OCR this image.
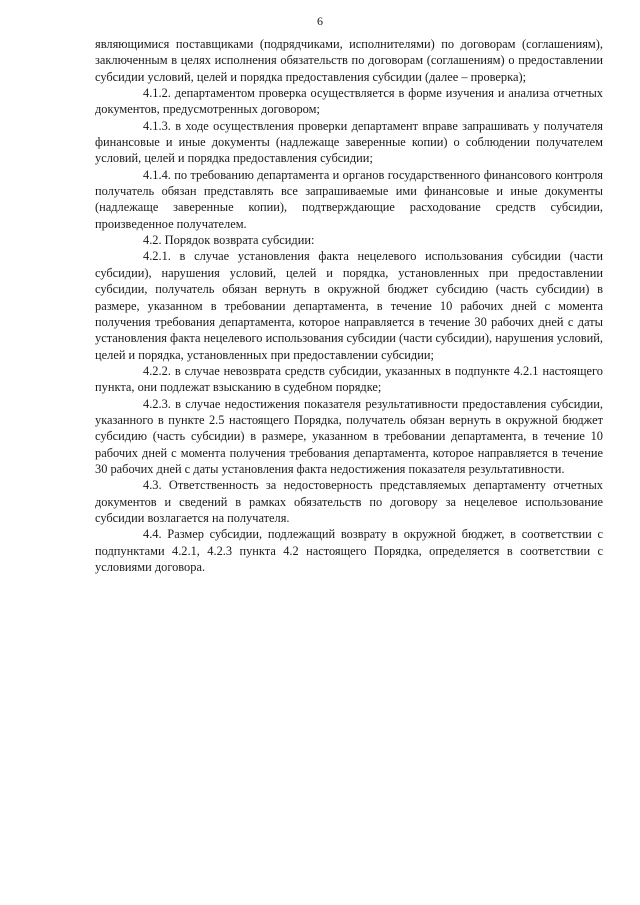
6

являющимися поставщиками (подрядчиками, исполнителями) по договорам (соглашениям), заключенным в целях исполнения обязательств по договорам (соглашениям) о предоставлении субсидии условий, целей и порядка предоставления субсидии (далее – проверка);

4.1.2. департаментом проверка осуществляется в форме изучения и анализа отчетных документов, предусмотренных договором;

4.1.3. в ходе осуществления проверки департамент вправе запрашивать у получателя финансовые и иные документы (надлежаще заверенные копии) о соблюдении получателем условий, целей и порядка предоставления субсидии;

4.1.4. по требованию департамента и органов государственного финансового контроля получатель обязан представлять все запрашиваемые ими финансовые и иные документы (надлежаще заверенные копии), подтверждающие расходование средств субсидии, произведенное получателем.

4.2. Порядок возврата субсидии:

4.2.1. в случае установления факта нецелевого использования субсидии (части субсидии), нарушения условий, целей и порядка, установленных при предоставлении субсидии, получатель обязан вернуть в окружной бюджет субсидию (часть субсидии) в размере, указанном в требовании департамента, в течение 10 рабочих дней с момента получения требования департамента, которое направляется в течение 30 рабочих дней с даты установления факта нецелевого использования субсидии (части субсидии), нарушения условий, целей и порядка, установленных при предоставлении субсидии;

4.2.2. в случае невозврата средств субсидии, указанных в подпункте 4.2.1 настоящего пункта, они подлежат взысканию в судебном порядке;

4.2.3. в случае недостижения показателя результативности предоставления субсидии, указанного в пункте 2.5 настоящего Порядка, получатель обязан вернуть в окружной бюджет субсидию (часть субсидии) в размере, указанном в требовании департамента, в течение 10 рабочих дней с момента получения требования департамента, которое направляется в течение 30 рабочих дней с даты установления факта недостижения показателя результативности.

4.3. Ответственность за недостоверность представляемых департаменту отчетных документов и сведений в рамках обязательств по договору за нецелевое использование субсидии возлагается на получателя.

4.4. Размер субсидии, подлежащий возврату в окружной бюджет, в соответствии с подпунктами 4.2.1, 4.2.3 пункта 4.2 настоящего Порядка, определяется в соответствии с условиями договора.
